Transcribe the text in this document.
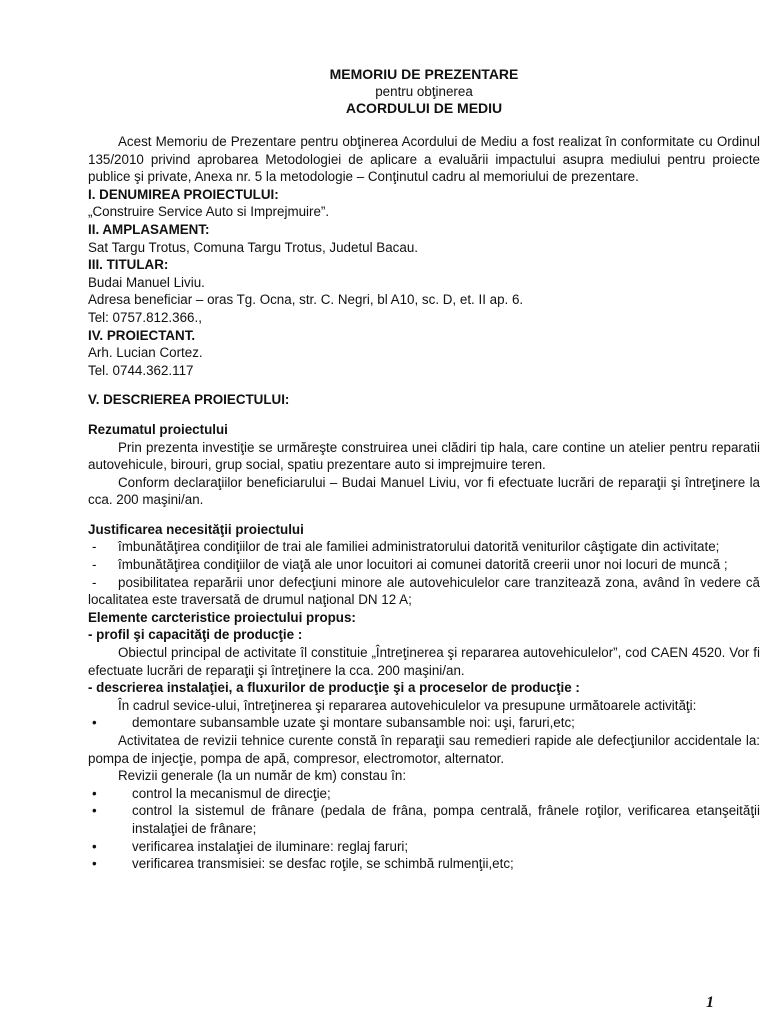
MEMORIU DE PREZENTARE

pentru obţinerea

ACORDULUI DE MEDIU

Acest Memoriu de Prezentare pentru obţinerea Acordului de Mediu a fost realizat în conformitate cu Ordinul 135/2010 privind aprobarea Metodologiei de aplicare a evaluării impactului asupra mediului pentru proiecte publice şi private, Anexa nr. 5 la metodologie – Conţinutul cadru al memoriului de prezentare.

I. DENUMIREA PROIECTULUI:

„Construire Service Auto si Imprejmuire”.

II. AMPLASAMENT:

Sat Targu Trotus, Comuna Targu Trotus, Judetul Bacau.

III. TITULAR:

Budai Manuel Liviu.

Adresa beneficiar – oras Tg. Ocna, str. C. Negri, bl A10, sc. D, et. II ap. 6.

Tel: 0757.812.366.,

IV. PROIECTANT.

Arh. Lucian Cortez.

Tel. 0744.362.117

V. DESCRIEREA PROIECTULUI:

Rezumatul proiectului

Prin prezenta investiţie se urmăreşte construirea unei clădiri tip hala, care contine un atelier pentru reparatii autovehicule, birouri, grup social, spatiu prezentare auto si imprejmuire teren.

Conform declaraţiilor beneficiarului – Budai Manuel Liviu, vor fi efectuate lucrări de reparaţii şi întreţinere la cca. 200 maşini/an.

Justificarea necesităţii proiectului

- îmbunătăţirea condiţiilor de trai ale familiei administratorului datorită veniturilor câştigate din activitate;

- îmbunătăţirea condiţiilor de viaţă ale unor locuitori ai comunei datorită creerii unor noi locuri de muncă ;

- posibilitatea reparării unor defecţiuni minore ale autovehiculelor care tranzitează zona, având în vedere că localitatea este traversată de drumul naţional DN 12 A;

Elemente carcteristice proiectului propus:

- profil şi capacităţi de producţie :

Obiectul principal de activitate îl constituie „Întreţinerea şi repararea autovehiculelor”, cod CAEN 4520. Vor fi efectuate lucrări de reparaţii şi întreţinere la cca. 200 maşini/an.

- descrierea instalaţiei, a fluxurilor de producţie şi a proceselor de producţie :

În cadrul sevice-ului, întreţinerea şi repararea autovehiculelor va presupune următoarele activităţi:

•	demontare subansamble uzate şi montare subansamble noi: uşi, faruri,etc;

Activitatea de revizii tehnice curente constă în reparaţii sau remedieri rapide ale defecţiunilor accidentale la: pompa de injecţie, pompa de apă, compresor, electromotor, alternator.

Revizii generale (la un număr de km) constau în:

•	control la mecanismul de direcţie;
•	control la sistemul de frânare (pedala de frâna, pompa centrală, frânele roţilor, verificarea etanşeităţii instalaţiei de frânare;
•	verificarea instalaţiei de iluminare: reglaj faruri;
•	verificarea transmisiei: se desfac roţile, se schimbă rulmenţii,etc;
1
